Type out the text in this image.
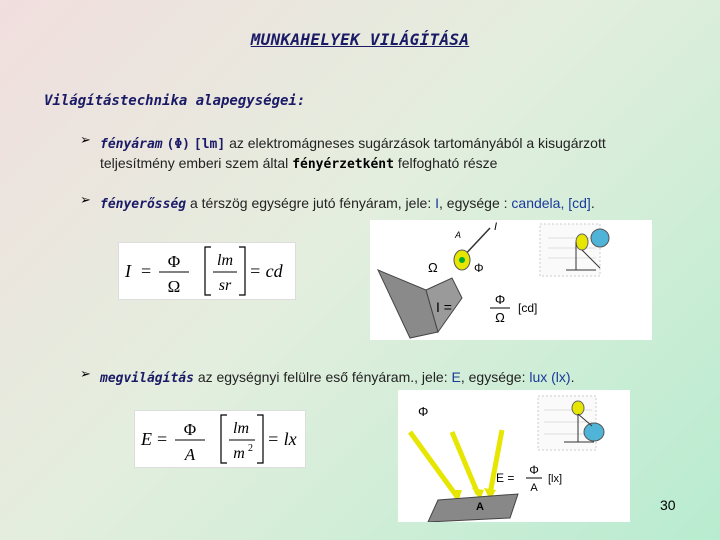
MUNKAHELYEK VILÁGÍTÁSA
Világítástechnika alapegységei:
➢ fényáram (Φ) [lm] az elektromágneses sugárzások tartományából a kisugárzott
teljesítmény emberi szem által fényérzetként felfogható része
➢ fényerősség a térszög egységre jutó fényáram, jele: I, egysége : candela, [cd].
I = Φ
Ω
lm
sr
= cd
I
Ω	Φ
A
I =	Φ
Ω
[cd]
➢ megvilágítás az egységnyi felülre eső fényáram., jele: E, egysége: lux (lx).
E = Φ
A
lm
m 2 = lx
Φ
A
E =
Φ
A
[lx]
30
